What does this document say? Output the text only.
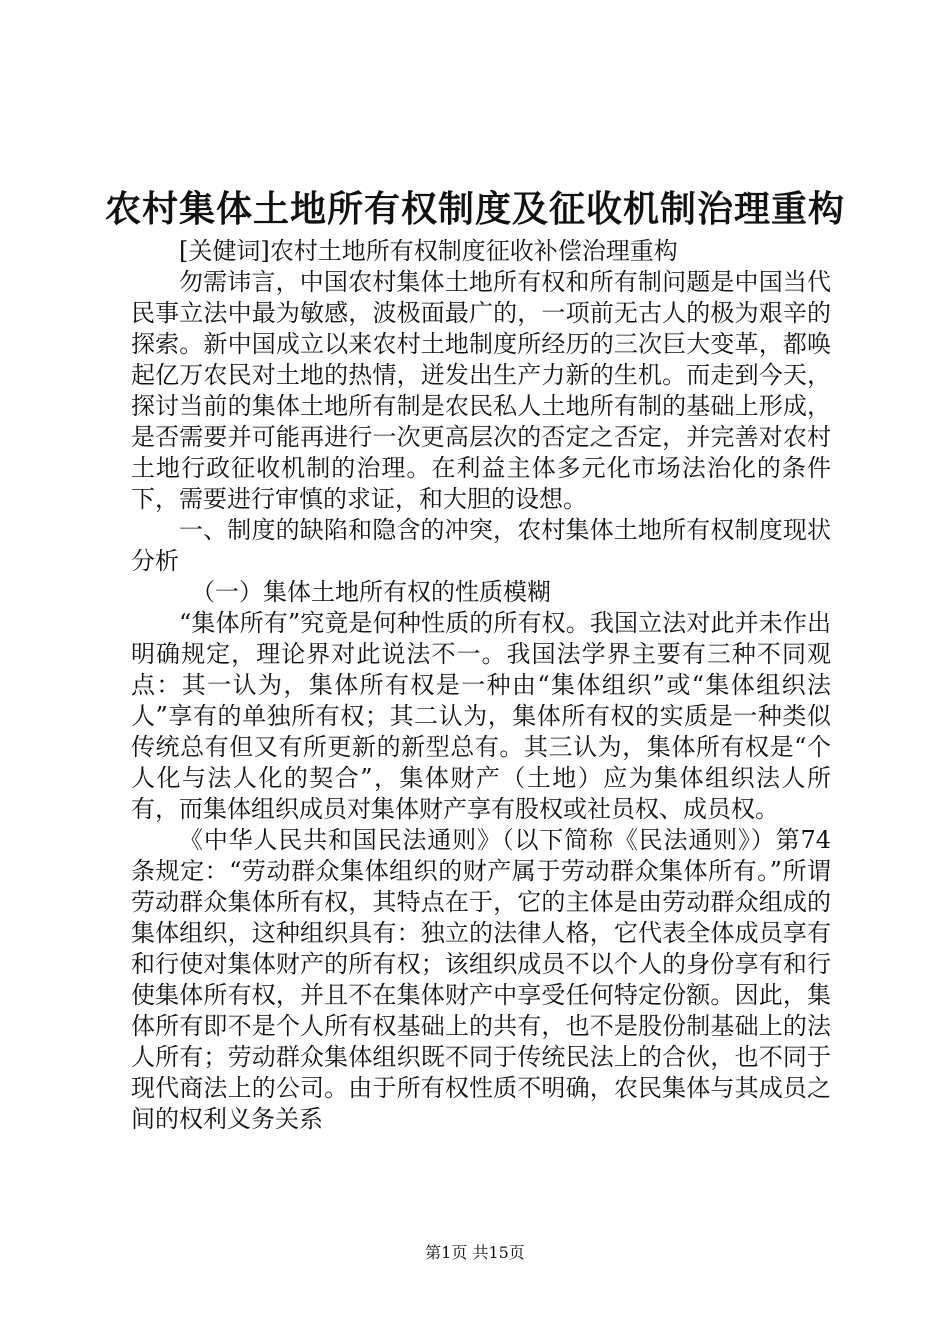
农村集体土地所有权制度及征收机制治理重构

[关健词]农村土地所有权制度征收补偿治理重构

勿需讳言，中国农村集体土地所有权和所有制问题是中国当代民事立法中最为敏感，波极面最广的，一项前无古人的极为艰辛的探索。新中国成立以来农村土地制度所经历的三次巨大变革，都唤起亿万农民对土地的热情，迸发出生产力新的生机。而走到今天，探讨当前的集体土地所有制是农民私人土地所有制的基础上形成，是否需要并可能再进行一次更高层次的否定之否定，并完善对农村土地行政征收机制的治理。在利益主体多元化市场法治化的条件下，需要进行审慎的求证，和大胆的设想。

一、制度的缺陷和隐含的冲突，农村集体土地所有权制度现状分析

（一）集体土地所有权的性质模糊

“集体所有”究竟是何种性质的所有权。我国立法对此并未作出明确规定，理论界对此说法不一。我国法学界主要有三种不同观点：其一认为，集体所有权是一种由“集体组织”或“集体组织法人”享有的单独所有权；其二认为，集体所有权的实质是一种类似传统总有但又有所更新的新型总有。其三认为，集体所有权是“个人化与法人化的契合”，集体财产（土地）应为集体组织法人所有，而集体组织成员对集体财产享有股权或社员权、成员权。

《中华人民共和国民法通则》（以下简称《民法通则》）第74条规定：“劳动群众集体组织的财产属于劳动群众集体所有。”所谓劳动群众集体所有权，其特点在于，它的主体是由劳动群众组成的集体组织，这种组织具有：独立的法律人格，它代表全体成员享有和行使对集体财产的所有权；该组织成员不以个人的身份享有和行使集体所有权，并且不在集体财产中享受任何特定份额。因此，集体所有即不是个人所有权基础上的共有，也不是股份制基础上的法人所有；劳动群众集体组织既不同于传统民法上的合伙，也不同于现代商法上的公司。由于所有权性质不明确，农民集体与其成员之间的权利义务关系

第1页 共15页
